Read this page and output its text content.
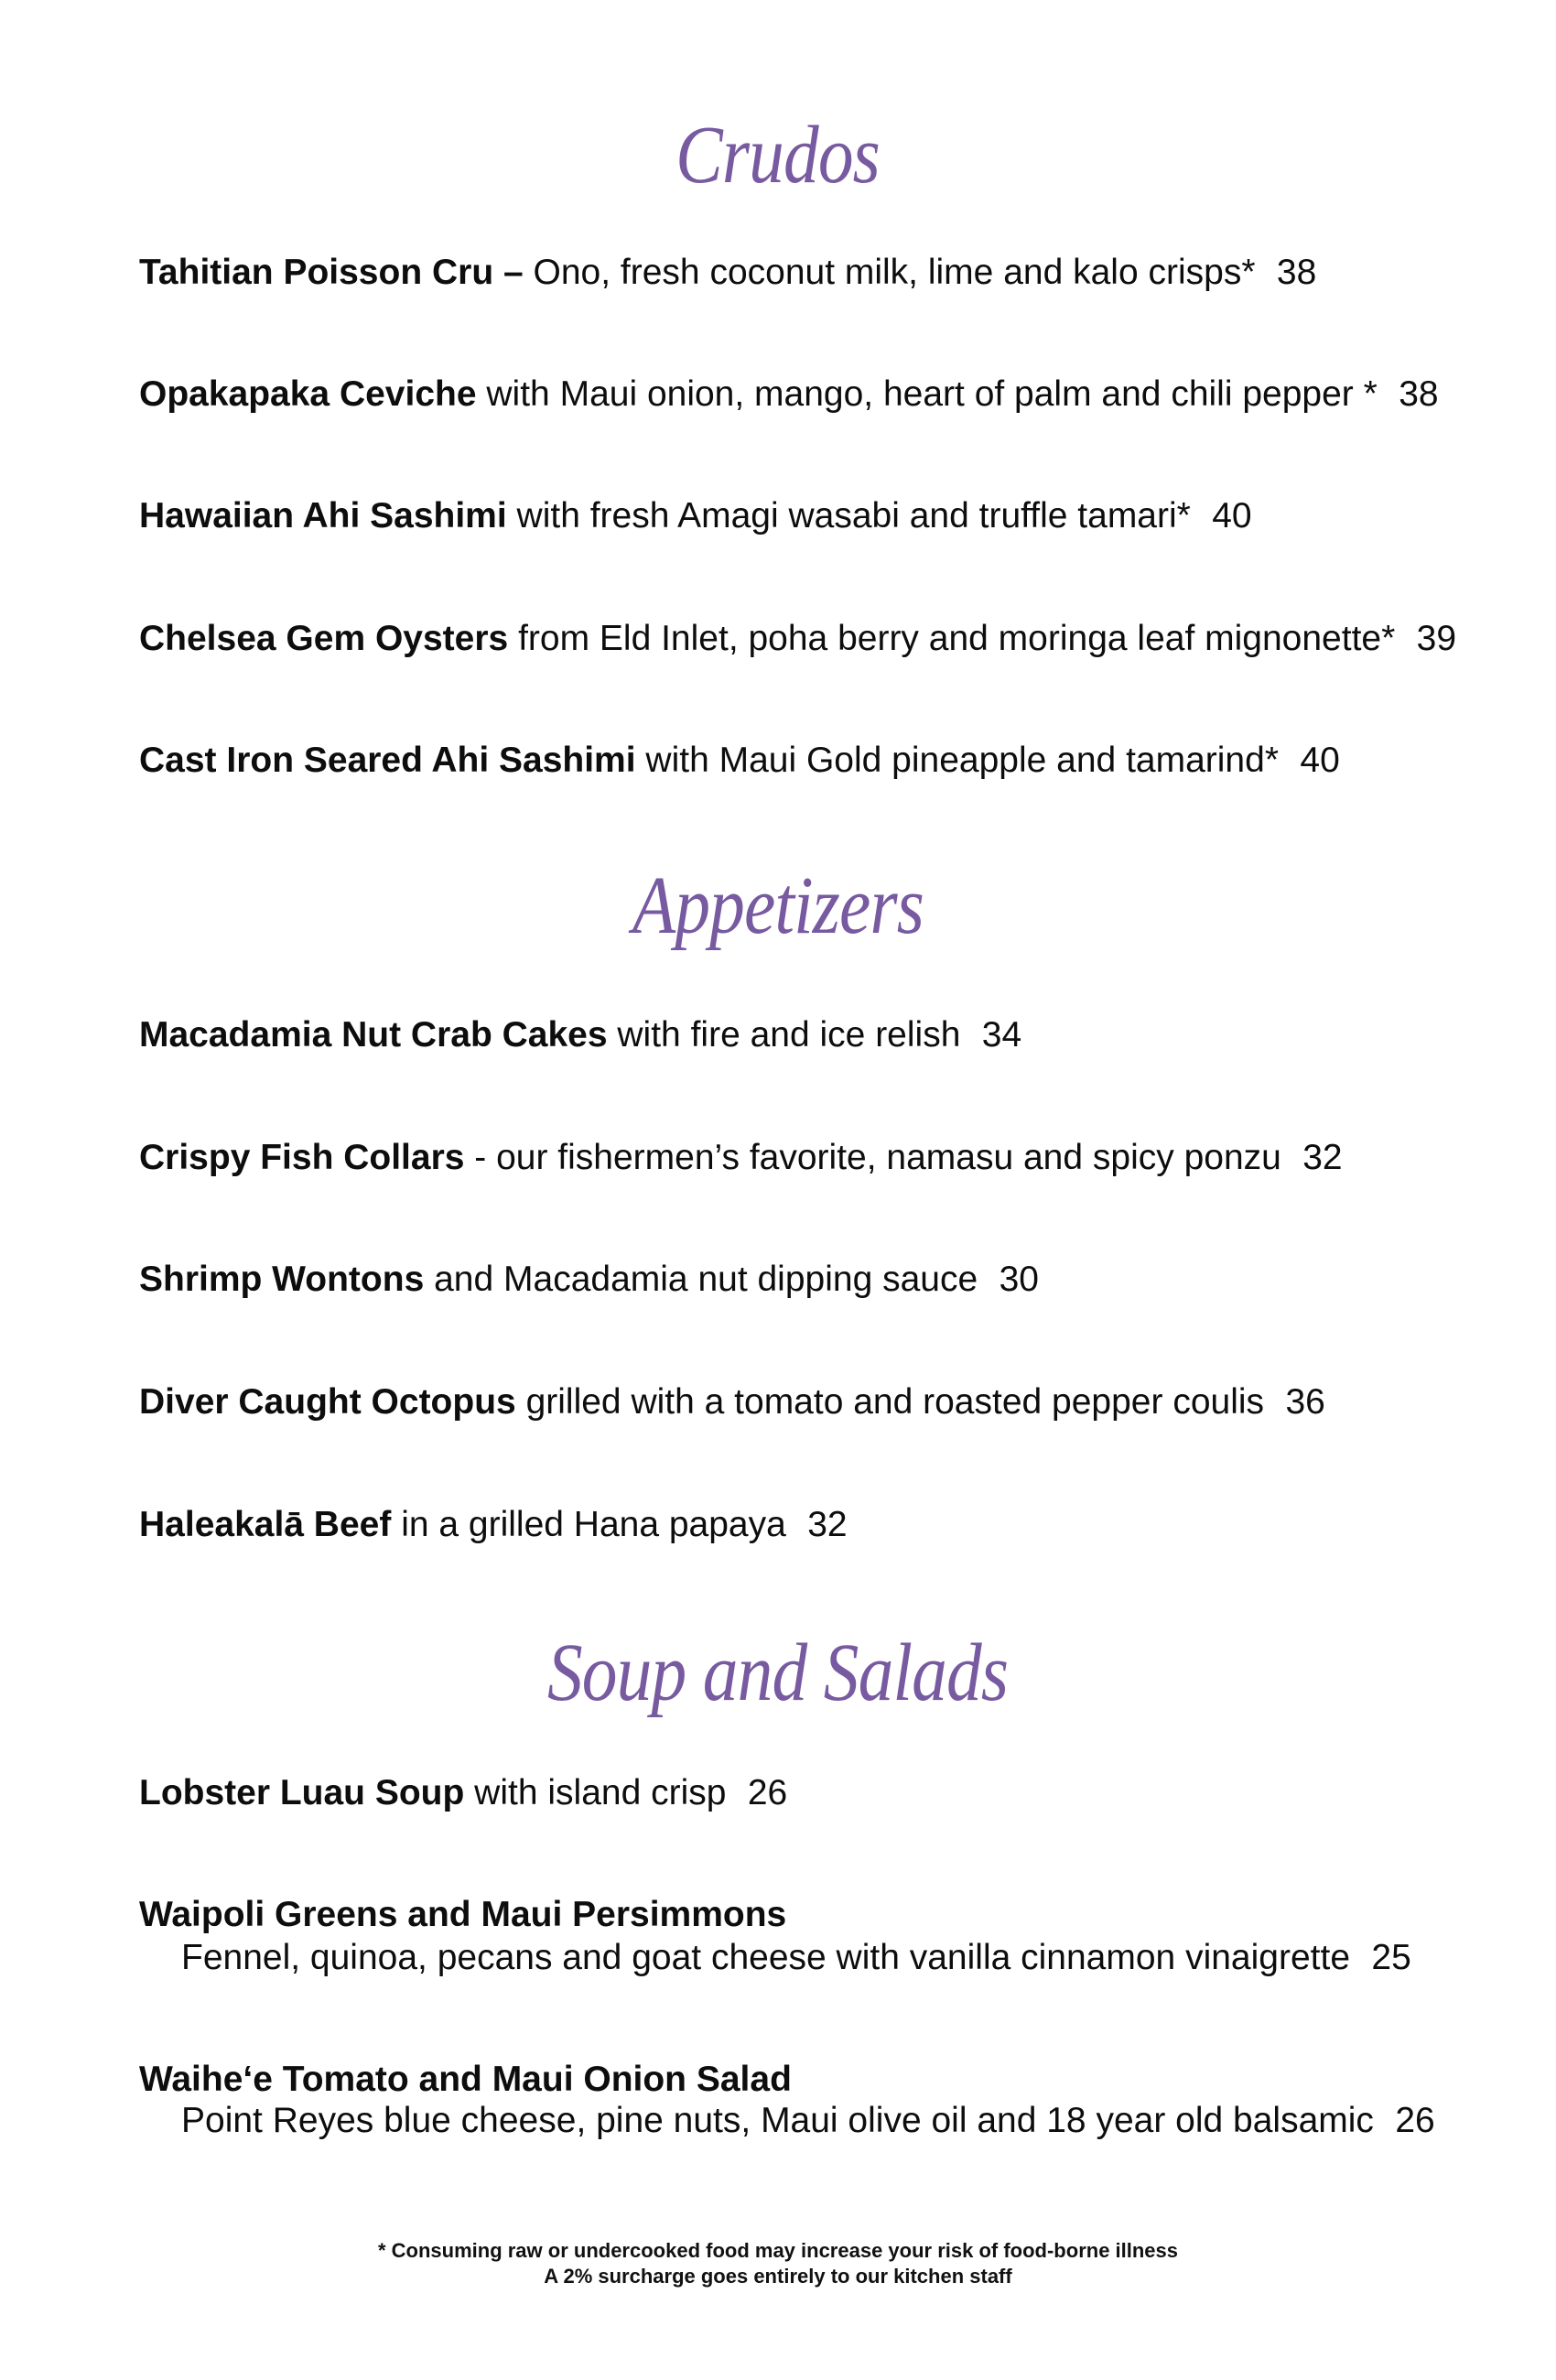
Crudos
Tahitian Poisson Cru – Ono, fresh coconut milk, lime and kalo crisps* 38
Opakapaka Ceviche with Maui onion, mango, heart of palm and chili pepper * 38
Hawaiian Ahi Sashimi with fresh Amagi wasabi and truffle tamari* 40
Chelsea Gem Oysters from Eld Inlet, poha berry and moringa leaf mignonette* 39
Cast Iron Seared Ahi Sashimi with Maui Gold pineapple and tamarind* 40
Appetizers
Macadamia Nut Crab Cakes with fire and ice relish 34
Crispy Fish Collars - our fishermen’s favorite, namasu and spicy ponzu 32
Shrimp Wontons and Macadamia nut dipping sauce 30
Diver Caught Octopus grilled with a tomato and roasted pepper coulis 36
Haleakalā Beef in a grilled Hana papaya 32
Soup and Salads
Lobster Luau Soup with island crisp 26
Waipoli Greens and Maui Persimmons
Fennel, quinoa, pecans and goat cheese with vanilla cinnamon vinaigrette 25
Waihe‘e Tomato and Maui Onion Salad
Point Reyes blue cheese, pine nuts, Maui olive oil and 18 year old balsamic 26
* Consuming raw or undercooked food may increase your risk of food-borne illness
A 2% surcharge goes entirely to our kitchen staff
